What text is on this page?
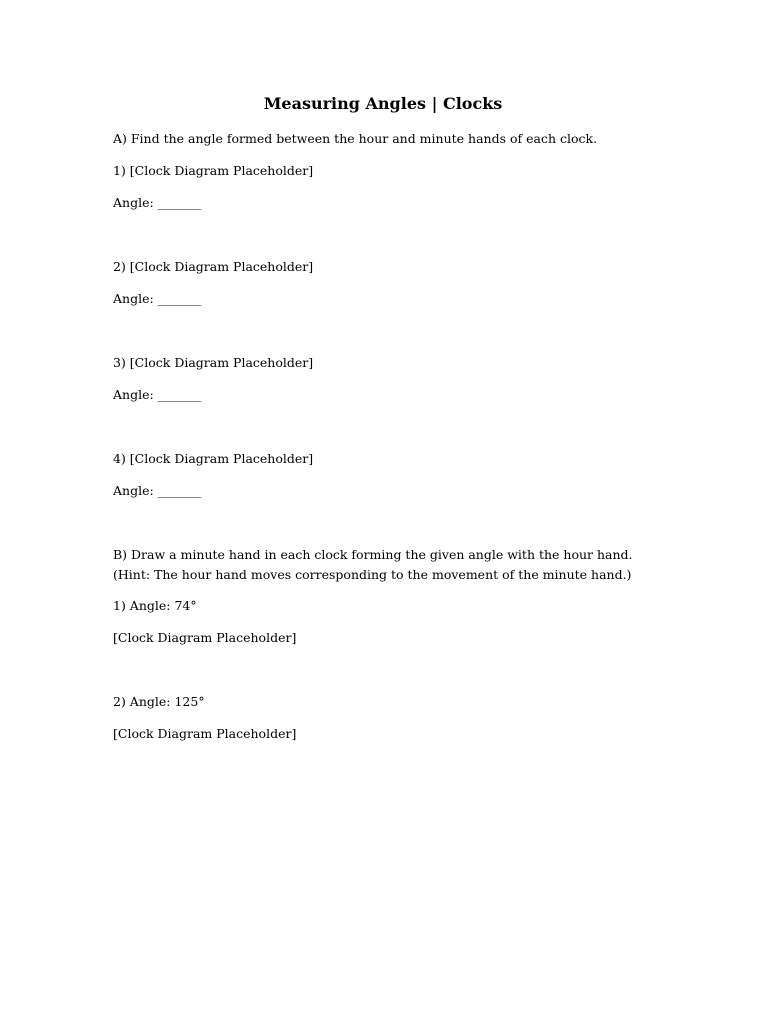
Measuring Angles | Clocks

A) Find the angle formed between the hour and minute hands of each clock.

1) [Clock Diagram Placeholder]

Angle: _______

2) [Clock Diagram Placeholder]

Angle: _______

3) [Clock Diagram Placeholder]

Angle: _______

4) [Clock Diagram Placeholder]

Angle: _______

B) Draw a minute hand in each clock forming the given angle with the hour hand. (Hint: The hour hand moves corresponding to the movement of the minute hand.)

1) Angle: 74°

[Clock Diagram Placeholder]

2) Angle: 125°

[Clock Diagram Placeholder]
